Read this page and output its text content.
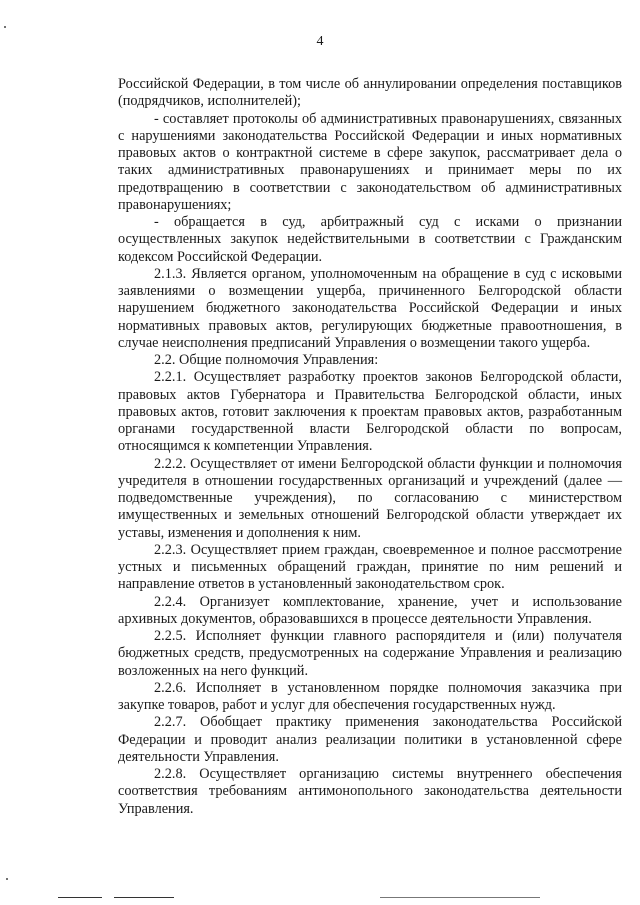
4

Российской Федерации, в том числе об аннулировании определения поставщиков (подрядчиков, исполнителей);

- составляет протоколы об административных правонарушениях, связанных с нарушениями законодательства Российской Федерации и иных нормативных правовых актов о контрактной системе в сфере закупок, рассматривает дела о таких административных правонарушениях и принимает меры по их предотвращению в соответствии с законодательством об административных правонарушениях;

- обращается в суд, арбитражный суд с исками о признании осуществленных закупок недействительными в соответствии с Гражданским кодексом Российской Федерации.

2.1.3. Является органом, уполномоченным на обращение в суд с исковыми заявлениями о возмещении ущерба, причиненного Белгородской области нарушением бюджетного законодательства Российской Федерации и иных нормативных правовых актов, регулирующих бюджетные правоотношения, в случае неисполнения предписаний Управления о возмещении такого ущерба.

2.2. Общие полномочия Управления:

2.2.1. Осуществляет разработку проектов законов Белгородской области, правовых актов Губернатора и Правительства Белгородской области, иных правовых актов, готовит заключения к проектам правовых актов, разработанным органами государственной власти Белгородской области по вопросам, относящимся к компетенции Управления.

2.2.2. Осуществляет от имени Белгородской области функции и полномочия учредителя в отношении государственных организаций и учреждений (далее — подведомственные учреждения), по согласованию с министерством имущественных и земельных отношений Белгородской области утверждает их уставы, изменения и дополнения к ним.

2.2.3. Осуществляет прием граждан, своевременное и полное рассмотрение устных и письменных обращений граждан, принятие по ним решений и направление ответов в установленный законодательством срок.

2.2.4. Организует комплектование, хранение, учет и использование архивных документов, образовавшихся в процессе деятельности Управления.

2.2.5. Исполняет функции главного распорядителя и (или) получателя бюджетных средств, предусмотренных на содержание Управления и реализацию возложенных на него функций.

2.2.6. Исполняет в установленном порядке полномочия заказчика при закупке товаров, работ и услуг для обеспечения государственных нужд.

2.2.7. Обобщает практику применения законодательства Российской Федерации и проводит анализ реализации политики в установленной сфере деятельности Управления.

2.2.8. Осуществляет организацию системы внутреннего обеспечения соответствия требованиям антимонопольного законодательства деятельности Управления.
